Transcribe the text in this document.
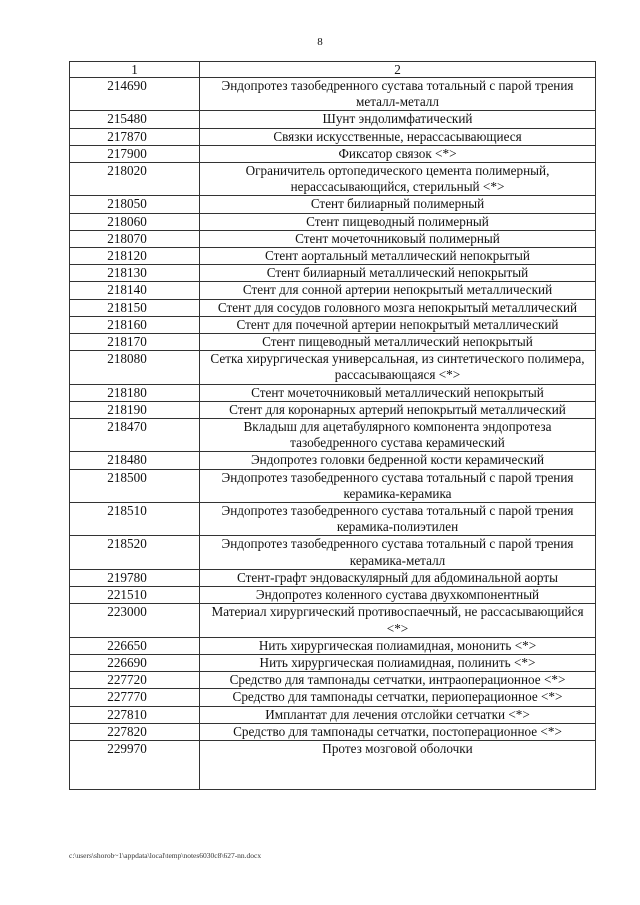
8
1	2
214690	Эндопротез тазобедренного сустава тотальный с парой трения металл-металл
215480	Шунт эндолимфатический
217870	Связки искусственные, нерассасывающиеся
217900	Фиксатор связок <*>
218020	Ограничитель ортопедического цемента полимерный, нерассасывающийся, стерильный <*>
218050	Стент билиарный полимерный
218060	Стент пищеводный полимерный
218070	Стент мочеточниковый полимерный
218120	Стент аортальный металлический непокрытый
218130	Стент билиарный металлический непокрытый
218140	Стент для сонной артерии непокрытый металлический
218150	Стент для сосудов головного мозга непокрытый металлический
218160	Стент для почечной артерии непокрытый металлический
218170	Стент пищеводный металлический непокрытый
218080	Сетка хирургическая универсальная, из синтетического полимера, рассасывающаяся <*>
218180	Стент мочеточниковый металлический непокрытый
218190	Стент для коронарных артерий непокрытый металлический
218470	Вкладыш для ацетабулярного компонента эндопротеза тазобедренного сустава керамический
218480	Эндопротез головки бедренной кости керамический
218500	Эндопротез тазобедренного сустава тотальный с парой трения керамика-керамика
218510	Эндопротез тазобедренного сустава тотальный с парой трения керамика-полиэтилен
218520	Эндопротез тазобедренного сустава тотальный с парой трения керамика-металл
219780	Стент-графт эндоваскулярный для абдоминальной аорты
221510	Эндопротез коленного сустава двухкомпонентный
223000	Материал хирургический противоспаечный, не рассасывающийся <*>
226650	Нить хирургическая полиамидная, мононить <*>
226690	Нить хирургическая полиамидная, полинить <*>
227720	Средство для тампонады сетчатки, интраоперационное <*>
227770	Средство для тампонады сетчатки, периоперационное <*>
227810	Имплантат для лечения отслойки сетчатки <*>
227820	Средство для тампонады сетчатки, постоперационное <*>
229970	Протез мозговой оболочки
c:\users\shorob~1\appdata\local\temp\notes6030c8\627-nn.docx
